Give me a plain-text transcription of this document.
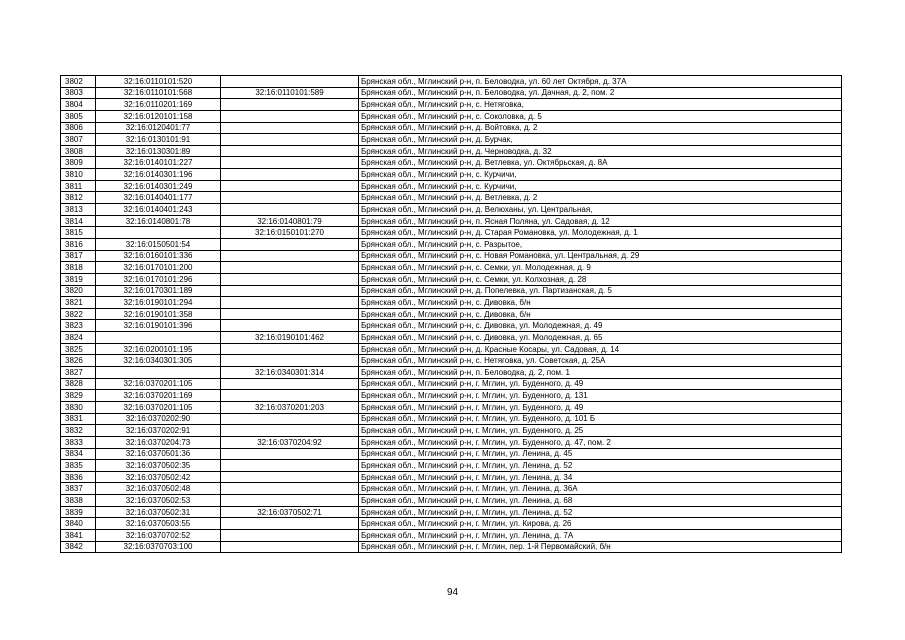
3802	32:16:0110101:520		Брянская обл., Мглинский р-н, п. Беловодка, ул. 60 лет Октября, д. 37А
3803	32:16:0110101:568	32:16:0110101:589	Брянская обл., Мглинский р-н, п. Беловодка, ул. Дачная, д. 2, пом. 2
3804	32:16:0110201:169		Брянская обл., Мглинский р-н, с. Нетяговка,
3805	32:16:0120101:158		Брянская обл., Мглинский р-н, с. Соколовка, д. 5
3806	32:16:0120401:77		Брянская обл., Мглинский р-н, д. Войтовка, д. 2
3807	32:16:0130101:91		Брянская обл., Мглинский р-н, д. Бурчак,
3808	32:16:0130301:89		Брянская обл., Мглинский р-н, д. Черноводка, д. 32
3809	32:16:0140101:227		Брянская обл., Мглинский р-н, д. Ветлевка, ул. Октябрьская, д. 8А
3810	32:16:0140301:196		Брянская обл., Мглинский р-н, с. Курчичи,
3811	32:16:0140301:249		Брянская обл., Мглинский р-н, с. Курчичи,
3812	32:16:0140401:177		Брянская обл., Мглинский р-н, д. Ветлевка, д. 2
3813	32:16:0140401:243		Брянская обл., Мглинский р-н, д. Велюханы, ул. Центральная,
3814	32:16:0140801:78	32:16:0140801:79	Брянская обл., Мглинский р-н, п. Ясная Поляна, ул. Садовая, д. 12
3815		32:16:0150101:270	Брянская обл., Мглинский р-н, д. Старая Романовка, ул. Молодежная, д. 1
3816	32:16:0150501:54		Брянская обл., Мглинский р-н, с. Разрытое,
3817	32:16:0160101:336		Брянская обл., Мглинский р-н, с. Новая Романовка, ул. Центральная, д. 29
3818	32:16:0170101:200		Брянская обл., Мглинский р-н, с. Семки, ул. Молодежная, д. 9
3819	32:16:0170101:296		Брянская обл., Мглинский р-н, с. Семки, ул. Колхозная, д. 28
3820	32:16:0170301:189		Брянская обл., Мглинский р-н, д. Попелевка, ул. Партизанская, д. 5
3821	32:16:0190101:294		Брянская обл., Мглинский р-н, с. Дивовка, б/н
3822	32:16:0190101:358		Брянская обл., Мглинский р-н, с. Дивовка, б/н
3823	32:16:0190101:396		Брянская обл., Мглинский р-н, с. Дивовка, ул. Молодежная, д. 49
3824		32:16:0190101:462	Брянская обл., Мглинский р-н, с. Дивовка, ул. Молодежная, д. 65
3825	32:16:0200101:195		Брянская обл., Мглинский р-н, д. Красные Косары, ул. Садовая, д. 14
3826	32:16:0340301:305		Брянская обл., Мглинский р-н, с. Нетяговка, ул. Советская, д. 25А
3827		32:16:0340301:314	Брянская обл., Мглинский р-н, п. Беловодка, д. 2, пом. 1
3828	32:16:0370201:105		Брянская обл., Мглинский р-н, г. Мглин, ул. Буденного, д. 49
3829	32:16:0370201:169		Брянская обл., Мглинский р-н, г. Мглин, ул. Буденного, д. 131
3830	32:16:0370201:105	32:16:0370201:203	Брянская обл., Мглинский р-н, г. Мглин, ул. Буденного, д. 49
3831	32:16:0370202:90		Брянская обл., Мглинский р-н, г. Мглин, ул. Буденного, д. 101 Б
3832	32:16:0370202:91		Брянская обл., Мглинский р-н, г. Мглин, ул. Буденного, д. 25
3833	32:16:0370204:73	32:16:0370204:92	Брянская обл., Мглинский р-н, г. Мглин, ул. Буденного, д. 47, пом. 2
3834	32:16:0370501:36		Брянская обл., Мглинский р-н, г. Мглин, ул. Ленина, д. 45
3835	32:16:0370502:35		Брянская обл., Мглинский р-н, г. Мглин, ул. Ленина, д. 52
3836	32:16:0370502:42		Брянская обл., Мглинский р-н, г. Мглин, ул. Ленина, д. 34
3837	32:16:0370502:48		Брянская обл., Мглинский р-н, г. Мглин, ул. Ленина, д. 36А
3838	32:16:0370502:53		Брянская обл., Мглинский р-н, г. Мглин, ул. Ленина, д. 68
3839	32:16:0370502:31	32:16:0370502:71	Брянская обл., Мглинский р-н, г. Мглин, ул. Ленина, д. 52
3840	32:16:0370503:55		Брянская обл., Мглинский р-н, г. Мглин, ул. Кирова, д. 26
3841	32:16:0370702:52		Брянская обл., Мглинский р-н, г. Мглин, ул. Ленина, д. 7А
3842	32:16:0370703:100		Брянская обл., Мглинский р-н, г. Мглин, пер. 1-й Первомайский, б/н
94
